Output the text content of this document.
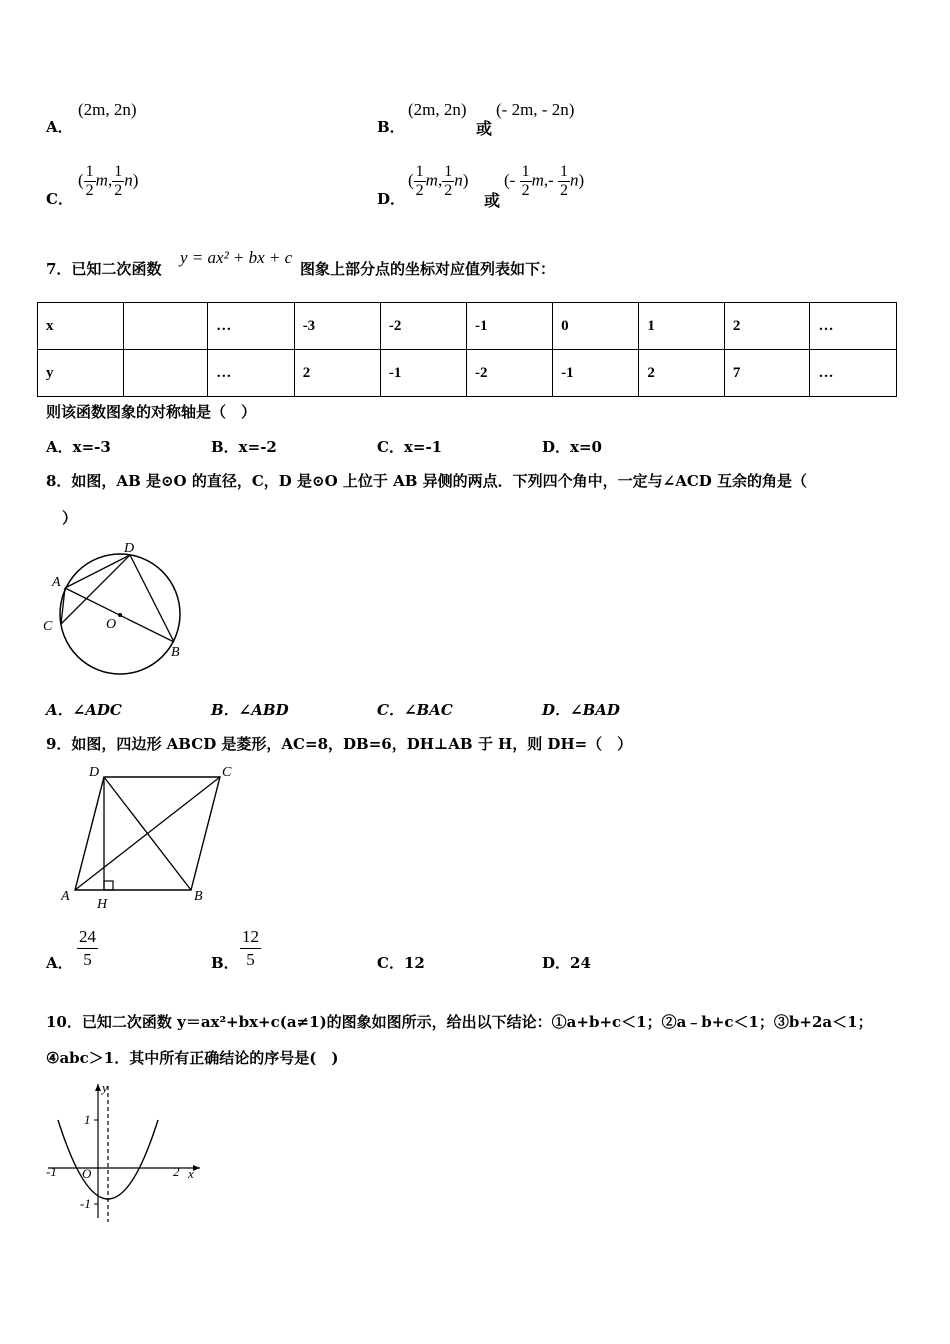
A．
(2m, 2n)
B．
(2m, 2n)
或
(- 2m, - 2n)
C．
( $\frac{1}{2} m$, $\frac{1}{2} n$)
D．
( $\frac{1}{2} m$, $\frac{1}{2} n$)
或
(- $\frac{1}{2} m,- \frac{1}{2} n$)
7．已知二次函数
y = ax² + bx + c
图象上部分点的坐标对应值列表如下：
x		…	-3	-2	-1	0	1	2	…
y		…	2	-1	-2	-1	2	7	…
则该函数图象的对称轴是（　）
A．x=-3	B．x=-2	C．x=-1	D．x=0
8．如图，AB 是⊙O 的直径，C，D 是⊙O 上位于 AB 异侧的两点．下列四个角中，一定与∠ACD 互余的角是（
）
A
D
C	O
B
A．∠ADC	B．∠ABD	C．∠BAC	D．∠BAD
9．如图，四边形 ABCD 是菱形，AC=8，DB=6，DH⊥AB 于 H，则 DH=（　）
D	C
A	B
H
A． $\frac{24}{5}$	B． $\frac{12}{5}$	C．12	D．24
10．已知二次函数 y＝ax²+bx+c(a≠1)的图象如图所示，给出以下结论：①a+b+c＜1；②a﹣b+c＜1；③b+2a＜1；
④abc＞1．其中所有正确结论的序号是(　)
y
x
1
-1
-1	2
O
